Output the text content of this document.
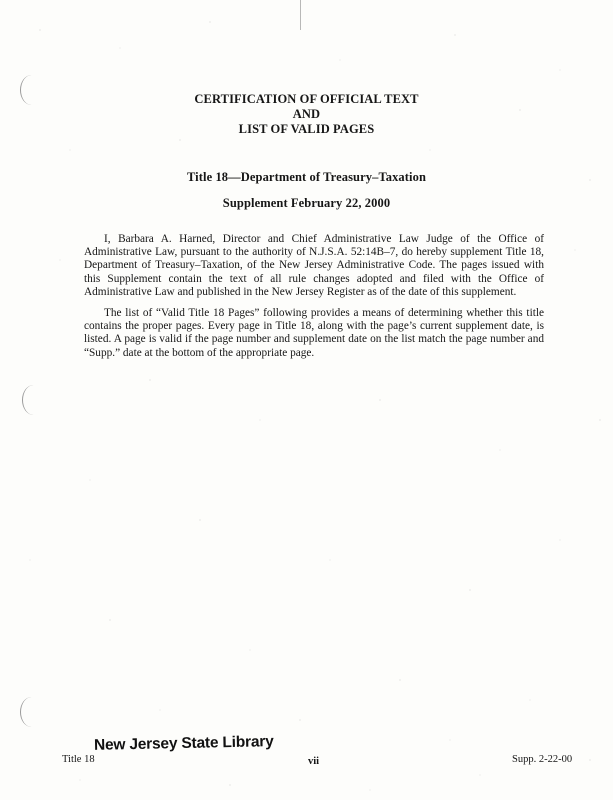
CERTIFICATION OF OFFICIAL TEXT
AND
LIST OF VALID PAGES
Title 18—Department of Treasury–Taxation
Supplement February 22, 2000

I, Barbara A. Harned, Director and Chief Administrative Law Judge of the Office of Administrative Law, pursuant to the authority of N.J.S.A. 52:14B–7, do hereby supplement Title 18, Department of Treasury–Taxation, of the New Jersey Administrative Code. The pages issued with this Supplement contain the text of all rule changes adopted and filed with the Office of Administrative Law and published in the New Jersey Register as of the date of this supplement.

The list of “Valid Title 18 Pages” following provides a means of determining whether this title contains the proper pages. Every page in Title 18, along with the page’s current supplement date, is listed. A page is valid if the page number and supplement date on the list match the page number and “Supp.” date at the bottom of the appropriate page.

New Jersey State Library
Title 18	vii	Supp. 2-22-00
